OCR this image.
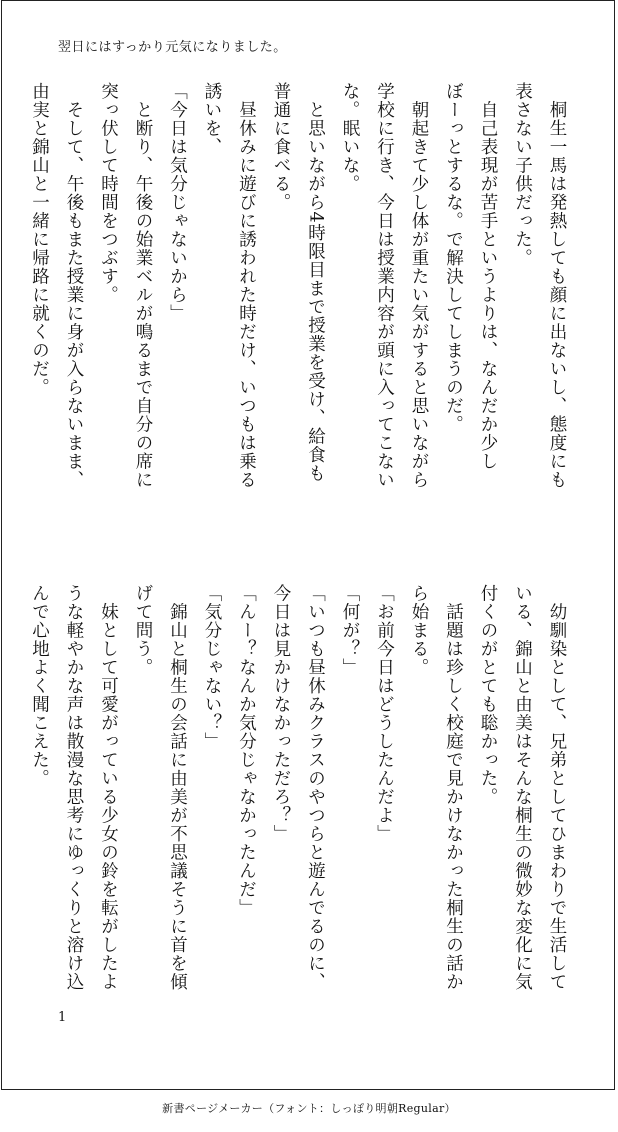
翌日にはすっかり元気になりました。
　桐生一馬は発熱しても顔に出ないし、態度にも
表さない子供だった。
　自己表現が苦手というよりは、なんだか少し
ぼーっとするな。で解決してしまうのだ。
　朝起きて少し体が重たい気がすると思いながら
学校に行き、今日は授業内容が頭に入ってこない
な。眠いな。
　と思いながら4時限目まで授業を受け、給食も
普通に食べる。
　昼休みに遊びに誘われた時だけ、いつもは乗る
誘いを、
「今日は気分じゃないから」
　と断り、午後の始業ベルが鳴るまで自分の席に
突っ伏して時間をつぶす。
　そして、午後もまた授業に身が入らないまま、
由実と錦山と一緒に帰路に就くのだ。
　幼馴染として、兄弟としてひまわりで生活して
いる、錦山と由美はそんな桐生の微妙な変化に気
付くのがとても聡かった。
　話題は珍しく校庭で見かけなかった桐生の話か
ら始まる。
「お前今日はどうしたんだよ」
「何が？」
「いつも昼休みクラスのやつらと遊んでるのに、
今日は見かけなかっただろ？」
「んー？なんか気分じゃなかったんだ」
「気分じゃない？」
　錦山と桐生の会話に由美が不思議そうに首を傾
げて問う。
　妹として可愛がっている少女の鈴を転がしたよ
うな軽やかな声は散漫な思考にゆっくりと溶け込
んで心地よく聞こえた。
1
新書ページメーカー（フォント：しっぽり明朝Regular）
